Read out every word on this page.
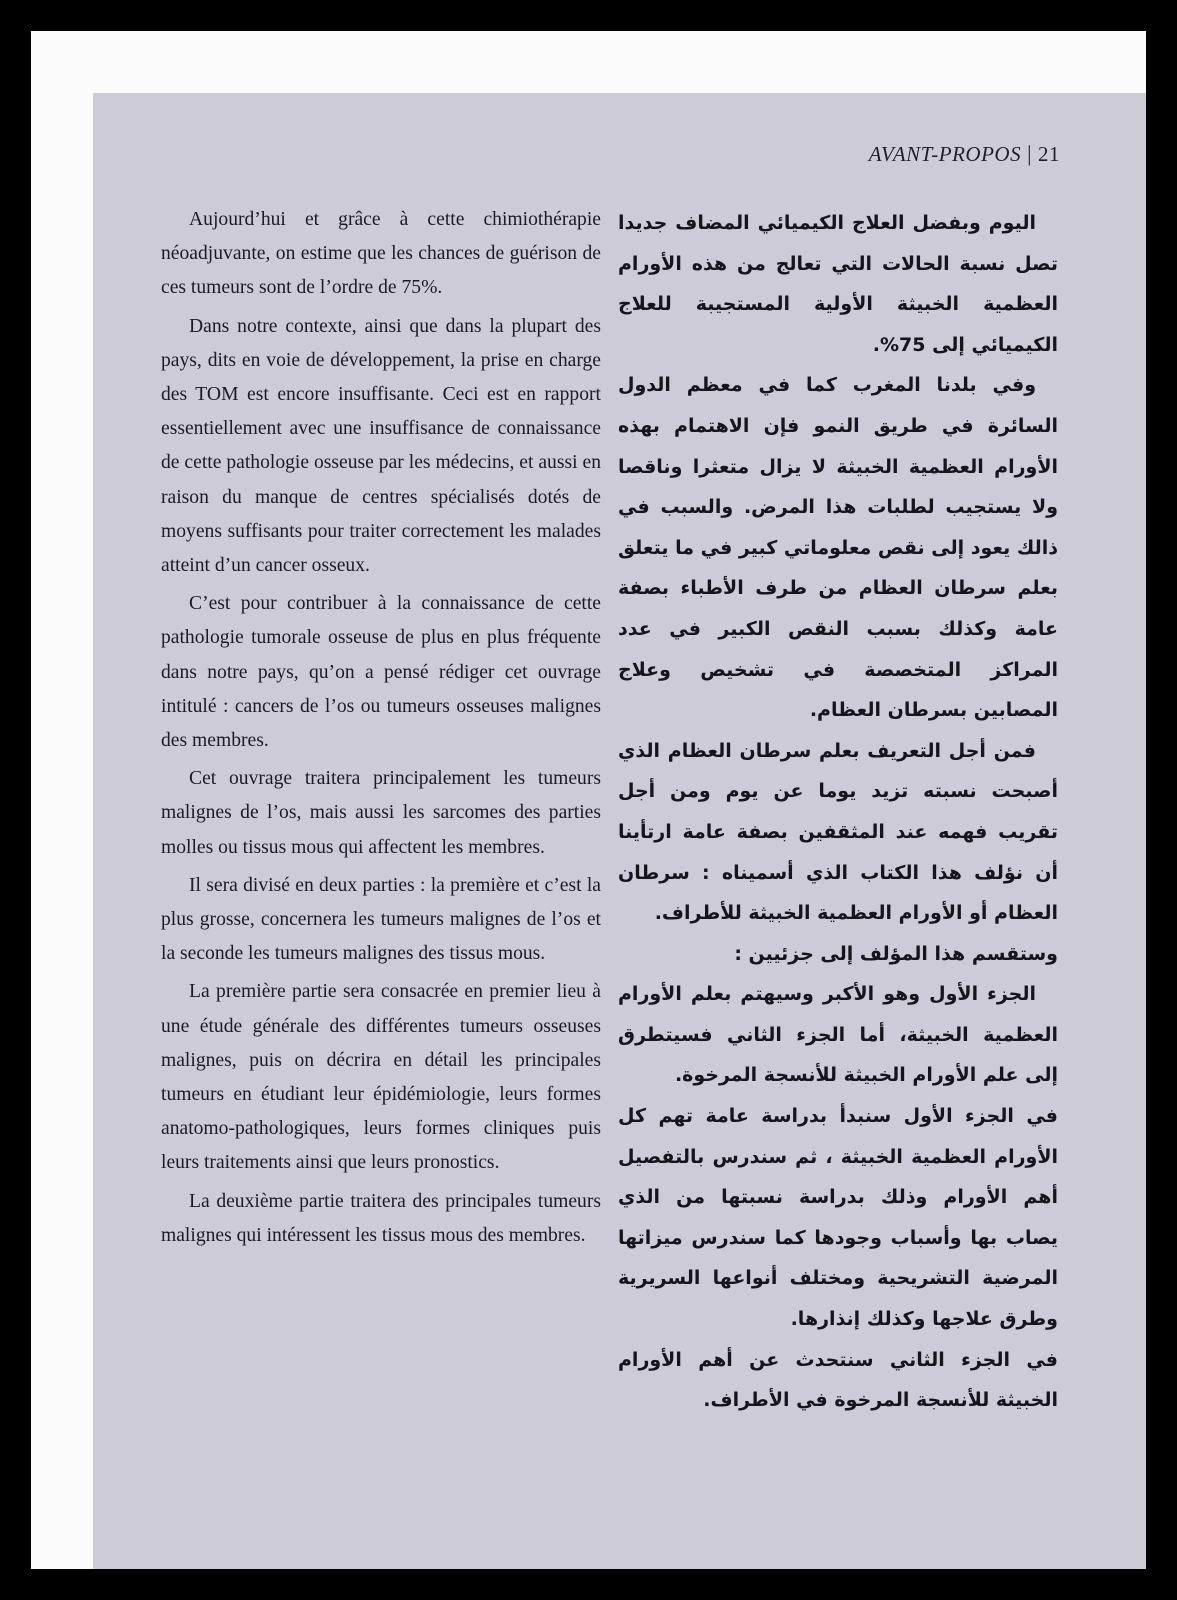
AVANT-PROPOS | 21

Aujourd’hui et grâce à cette chimiothérapie néoadjuvante, on estime que les chances de guérison de ces tumeurs sont de l’ordre de 75%.

Dans notre contexte, ainsi que dans la plupart des pays, dits en voie de développement, la prise en charge des TOM est encore insuffisante. Ceci est en rapport essentiellement avec une insuffisance de connaissance de cette pathologie osseuse par les médecins, et aussi en raison du manque de centres spécialisés dotés de moyens suffisants pour traiter correctement les malades atteint d’un cancer osseux.

C’est pour contribuer à la connaissance de cette pathologie tumorale osseuse de plus en plus fréquente dans notre pays, qu’on a pensé rédiger cet ouvrage intitulé : cancers de l’os ou tumeurs osseuses malignes des membres.

Cet ouvrage traitera principalement les tumeurs malignes de l’os, mais aussi les sarcomes des parties molles ou tissus mous qui affectent les membres.

Il sera divisé en deux parties : la première et c’est la plus grosse, concernera les tumeurs malignes de l’os et la seconde les tumeurs malignes des tissus mous.

La première partie sera consacrée en premier lieu à une étude générale des différentes tumeurs osseuses malignes, puis on décrira en détail les principales tumeurs en étudiant leur épidémiologie, leurs formes anatomo-pathologiques, leurs formes cliniques puis leurs traitements ainsi que leurs pronostics.

La deuxième partie traitera des principales tumeurs malignes qui intéressent les tissus mous des membres.

اليوم وبفضل العلاج الكيميائي المضاف جديدا تصل نسبة الحالات التي تعالج من هذه الأورام العظمية الخبيثة الأولية المستجيبة للعلاج الكيميائي إلى 75%.

وفي بلدنا المغرب كما في معظم الدول السائرة في طريق النمو فإن الاهتمام بهذه الأورام العظمية الخبيثة لا يزال متعثرا وناقصا ولا يستجيب لطلبات هذا المرض. والسبب في ذالك يعود إلى نقص معلوماتي كبير في ما يتعلق بعلم سرطان العظام من طرف الأطباء بصفة عامة وكذلك بسبب النقص الكبير في عدد المراكز المتخصصة في تشخيص وعلاج المصابين بسرطان العظام.

فمن أجل التعريف بعلم سرطان العظام الذي أصبحت نسبته تزيد يوما عن يوم ومن أجل تقريب فهمه عند المثقفين بصفة عامة ارتأينا أن نؤلف هذا الكتاب الذي أسميناه : سرطان العظام أو الأورام العظمية الخبيثة للأطراف.

وستقسم هذا المؤلف إلى جزئيين :

الجزء الأول وهو الأكبر وسيهتم بعلم الأورام العظمية الخبيثة، أما الجزء الثاني فسيتطرق إلى علم الأورام الخبيثة للأنسجة المرخوة.

في الجزء الأول سنبدأ بدراسة عامة تهم كل الأورام العظمية الخبيثة ، ثم سندرس بالتفصيل أهم الأورام وذلك بدراسة نسبتها من الذي يصاب بها وأسباب وجودها كما سندرس ميزاتها المرضية التشريحية ومختلف أنواعها السريرية وطرق علاجها وكذلك إنذارها.

في الجزء الثاني سنتحدث عن أهم الأورام الخبيثة للأنسجة المرخوة في الأطراف.
